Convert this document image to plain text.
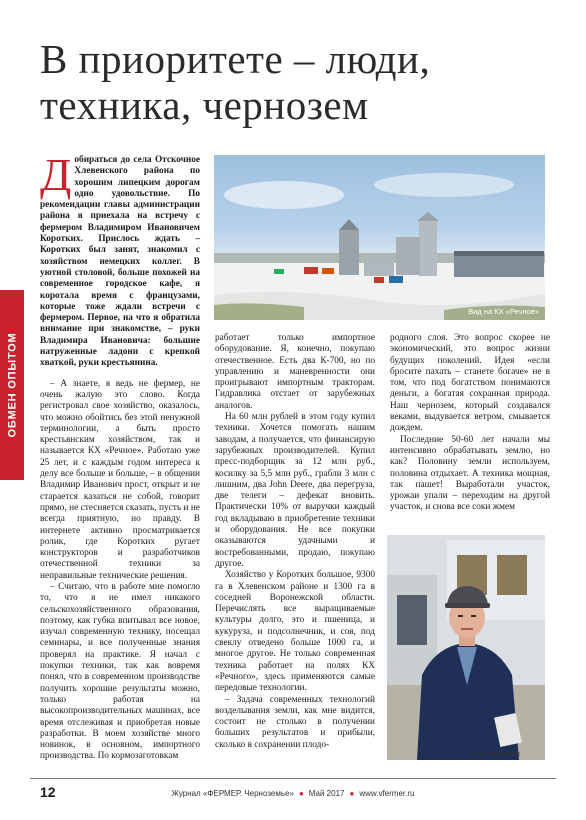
В приоритете – люди,
техника, чернозем
ОБМЕН ОПЫТОМ

Добираться до села Отскочное Хлевенского района по хорошим липецким дорогам одно удовольствие. По рекомендации главы администрации района я приехала на встречу с фермером Владимиром Ивановичем Коротких. Прислось ждать – Коротких был занят, знакомил с хозяйством немецких коллег. В уютной столовой, больше похожей на современное городское кафе, я коротала время с французами, которые тоже ждали встречи с фермером. Первое, на что я обратила внимание при знакомстве, – руки Владимира Ивановича: большие натруженные ладони с крепкой хваткой, руки крестьянина.

– А знаете, я ведь не фермер, не очень жалую это слово. Когда регистровал свое хозяйство, оказалось, что можно обойтись без этой ненужной терминологии, а быть просто крестьянским хозяйством, так и называется КХ «Речное». Работаю уже 25 лет, и с каждым годом интереса к делу все больше и больше, – в общении Владимир Иванович прост, открыт и не старается казаться не собой, говорит прямо, не стесняется сказать, пусть и не всегда приятную, но правду. В интернете активно просматривается ролик, где Коротких ругает конструкторов и разработчиков отечественной техники за неправильные технические решения.

– Считаю, что в работе мне помогло то, что я не имел никакого сельскохозяйственного образования, поэтому, как губка впитывал все новое, изучал современную технику, посещал семинары, и все полученные знания проверял на практике. Я начал с покупки техники, так как вовремя понял, что в современном производстве получить хорошие результаты можно, только работая на высокопроизводительных машинах, все время отслеживая и приобретая новые разработки. В моем хозяйстве много новинок, в основном, импортного производства. По кормозаготовкам

Вид на КХ «Речное»

работает только импортное оборудование. Я, конечно, покупаю отечественное. Есть два К-700, но по управлению и маневренности они проигрывают импортным тракторам. Гидравлика отстает от зарубежных аналогов.

На 60 млн рублей в этом году купил техники. Хочется помогать нашим заводам, а получается, что финансирую зарубежных производителей. Купил пресс-подборщик за 12 млн руб., косилку за 5,5 млн руб., грабли 3 млн с лишним, два John Deere, два перегруза, две телеги – дефекат вновить. Практически 10% от выручки каждый год вкладываю в приобретение техники и оборудования. Не все покупки оказываются удачными и востребованными, продаю, покупаю другое.

Хозяйство у Коротких большое, 9300 га в Хлевенском районе и 1300 га в соседней Воронежской области. Перечислять все выращиваемые культуры долго, это и пшеница, и кукуруза, и подсолнечник, и соя, под свеклу отведено больше 1000 га, и многое другое. Не только современная техника работает на полях КХ «Речного», здесь применяются самые передовые технологии.

– Задача современных технологий возделывания земли, как мне видится, состоит не столько в получении больших результатов и прибыли, сколько в сохранении плодо-

родного слоя. Это вопрос скорее не экономический, это вопрос жизни будущих поколений. Идея «если бросите пахать – станете богаче» не в том, что под богатством понимаются деньги, а богатая сохранная природа. Наш чернозем, который создавался веками, выдувается ветром, смывается дождем.

Последние 50-60 лет начали мы интенсивно обрабатывать землю, но как? Половину земли используем, половина отдыхает. А техника мощная, так пашет! Выработали участок, урожаи упали – переходим на другой участок, и снова все соки жмем

В. И. Коротких
12	Журнал «ФЕРМЕР. Черноземье» ● Май 2017 ● www.vfermer.ru
